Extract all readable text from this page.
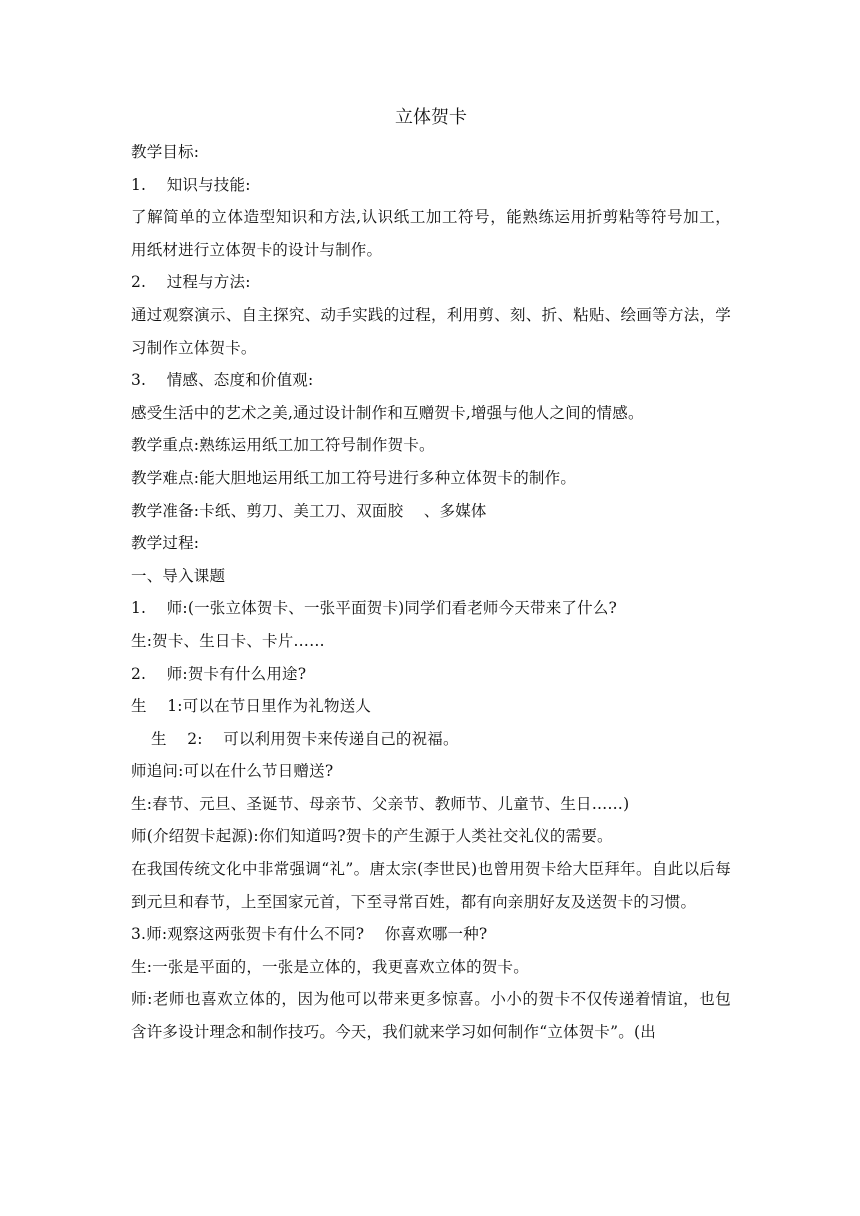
立体贺卡
教学目标:
1.    知识与技能:
了解简单的立体造型知识和方法,认识纸工加工符号，能熟练运用折剪粘等符号加工，用纸材进行立体贺卡的设计与制作。
2.    过程与方法:
通过观察演示、自主探究、动手实践的过程，利用剪、刻、折、粘贴、绘画等方法，学习制作立体贺卡。
3.    情感、态度和价值观:
感受生活中的艺术之美,通过设计制作和互赠贺卡,增强与他人之间的情感。
教学重点:熟练运用纸工加工符号制作贺卡。
教学难点:能大胆地运用纸工加工符号进行多种立体贺卡的制作。
教学准备:卡纸、剪刀、美工刀、双面胶    、多媒体
教学过程:
一、导入课题
1.    师:(一张立体贺卡、一张平面贺卡)同学们看老师今天带来了什么?
生:贺卡、生日卡、卡片……
2.    师:贺卡有什么用途?
生    1:可以在节日里作为礼物送人
生    2:    可以利用贺卡来传递自己的祝福。
师追问:可以在什么节日赠送?
生:春节、元旦、圣诞节、母亲节、父亲节、教师节、儿童节、生日……)
师(介绍贺卡起源):你们知道吗?贺卡的产生源于人类社交礼仪的需要。
在我国传统文化中非常强调“礼”。唐太宗(李世民)也曾用贺卡给大臣拜年。自此以后每到元旦和春节，上至国家元首，下至寻常百姓，都有向亲朋好友及送贺卡的习惯。
3.师:观察这两张贺卡有什么不同?    你喜欢哪一种?
生:一张是平面的，一张是立体的，我更喜欢立体的贺卡。
师:老师也喜欢立体的，因为他可以带来更多惊喜。小小的贺卡不仅传递着情谊，也包含许多设计理念和制作技巧。今天，我们就来学习如何制作“立体贺卡”。(出
